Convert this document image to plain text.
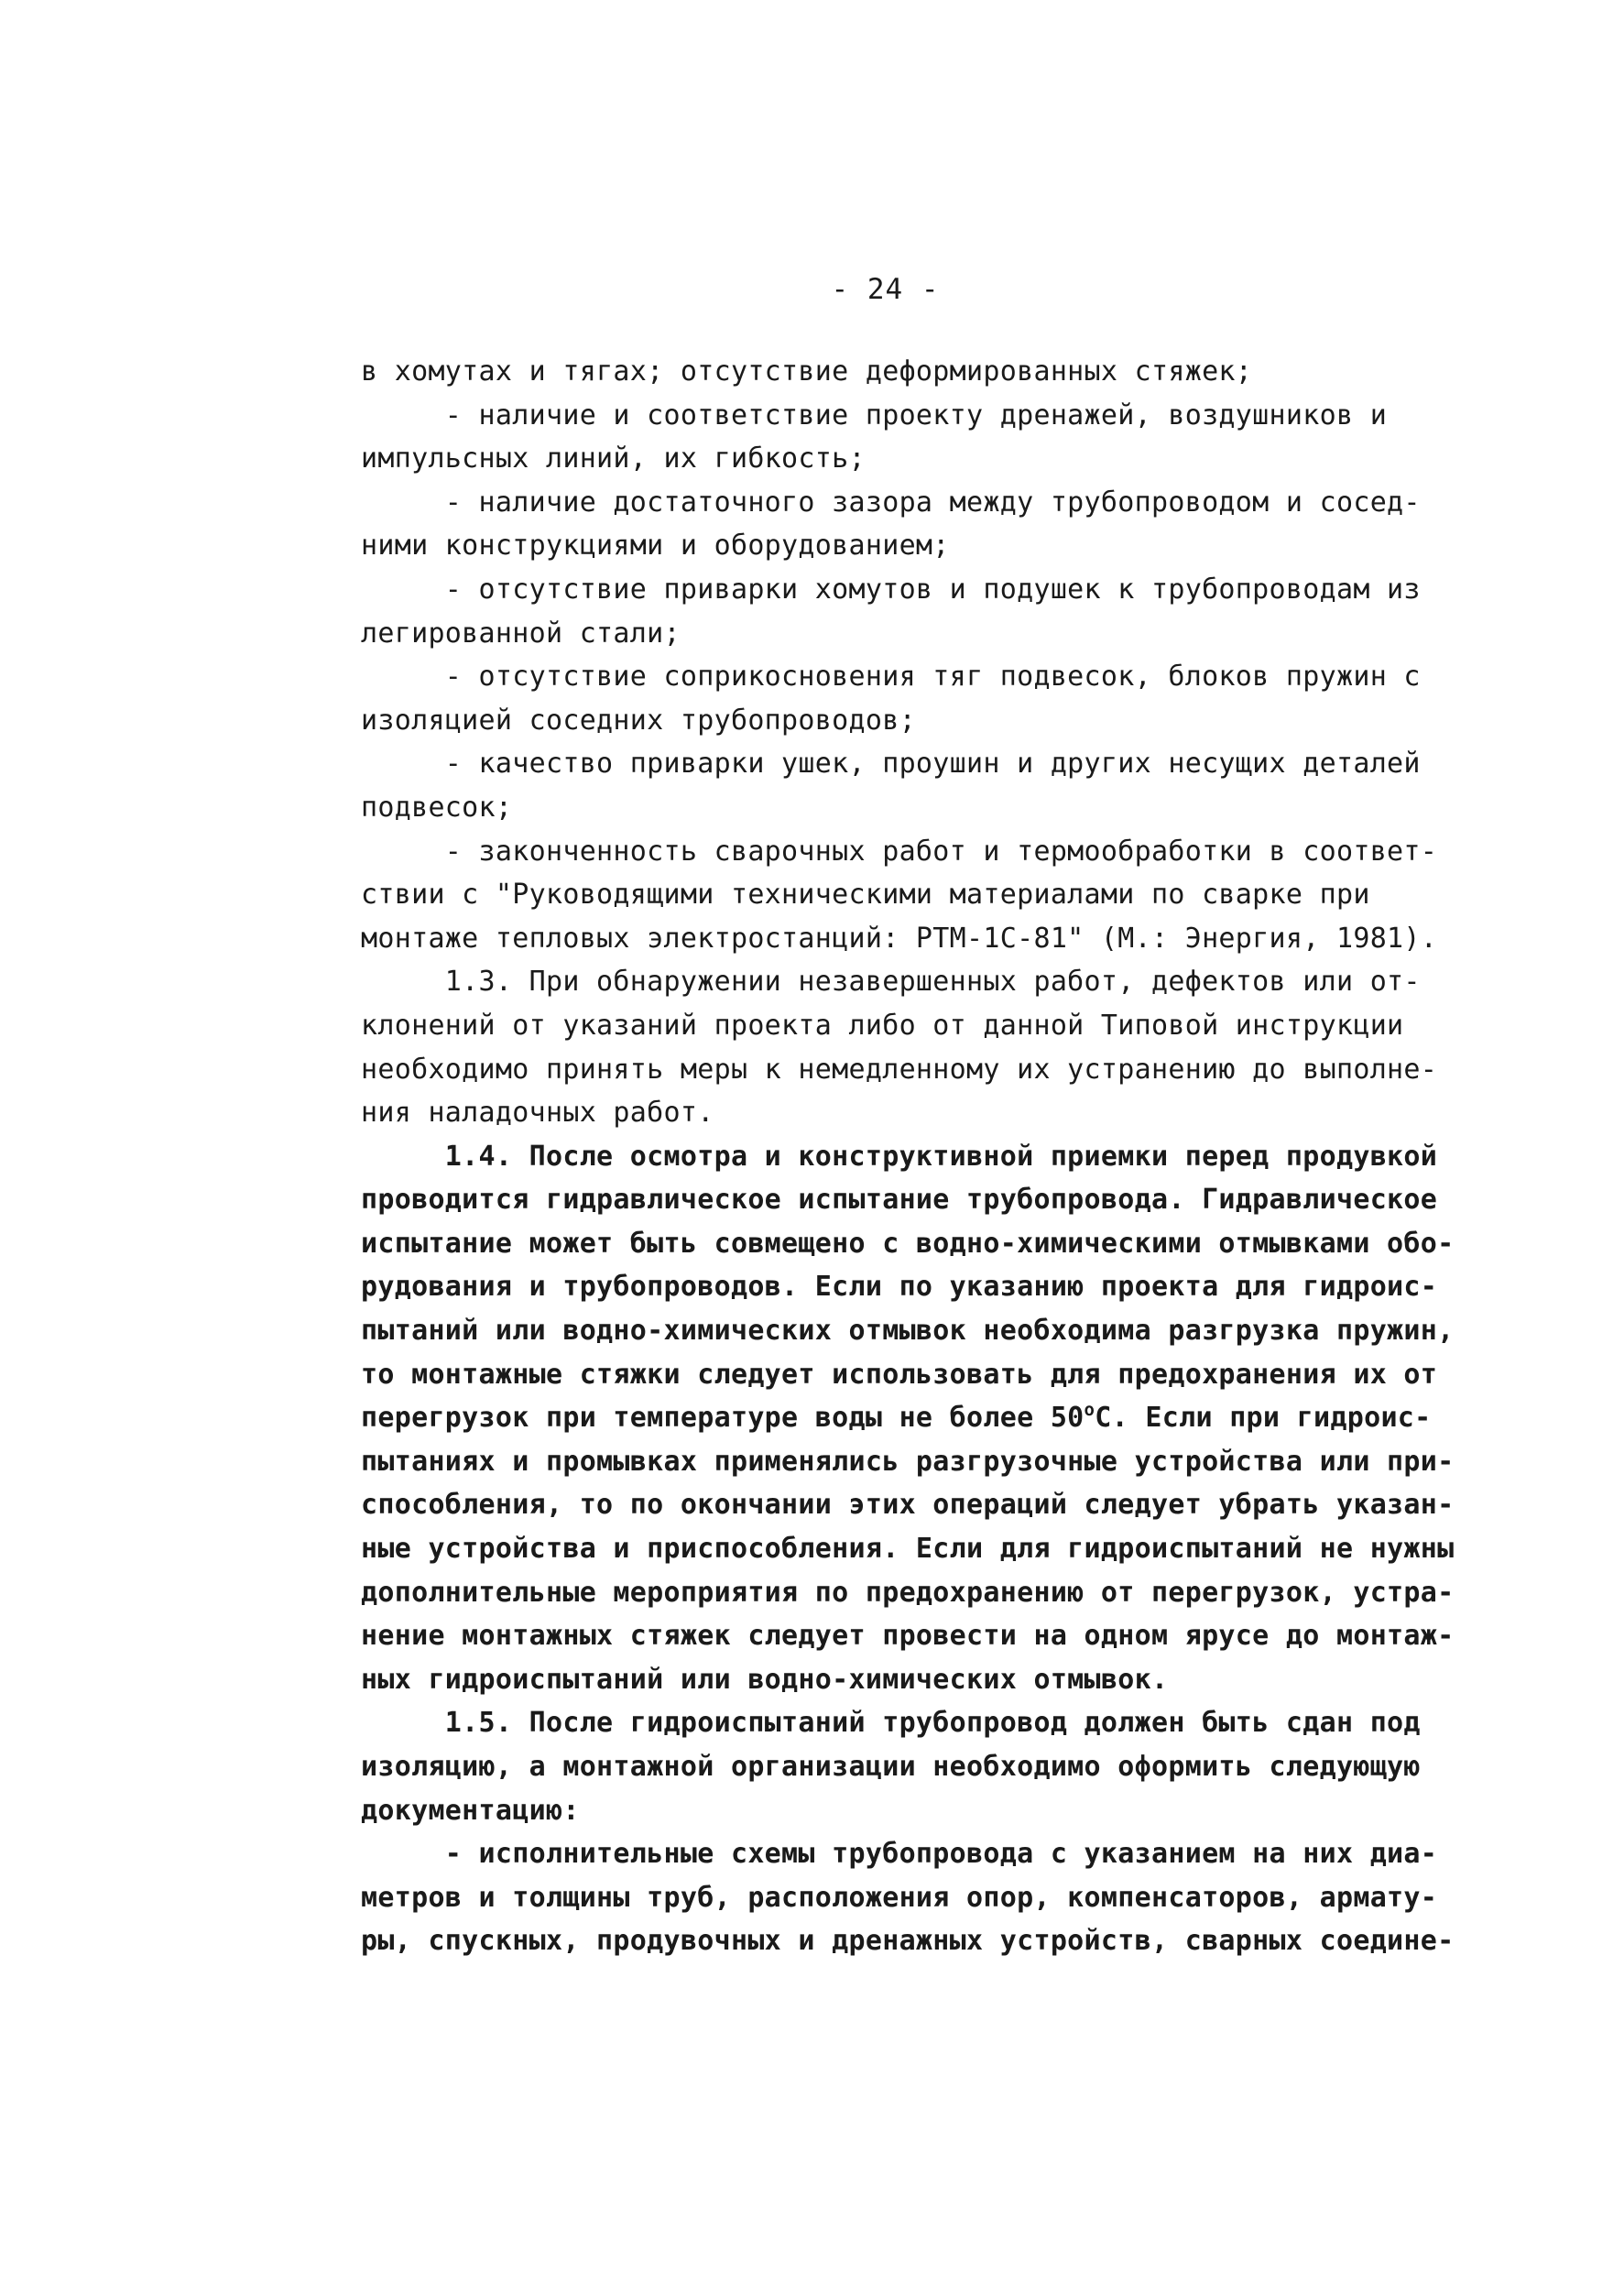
- 24 -
в хомутах и тягах; отсутствие деформированных стяжек;
- наличие и соответствие проекту дренажей, воздушников и
импульсных линий, их гибкость;
- наличие достаточного зазора между трубопроводом и сосед-
ними конструкциями и оборудованием;
- отсутствие приварки хомутов и подушек к трубопроводам из
легированной стали;
- отсутствие соприкосновения тяг подвесок, блоков пружин с
изоляцией соседних трубопроводов;
- качество приварки ушек, проушин и других несущих деталей
подвесок;
- законченность сварочных работ и термообработки в соответ-
ствии с "Руководящими техническими материалами по сварке при
монтаже тепловых электростанций: РТМ-1С-81" (М.: Энергия, 1981).
1.3. При обнаружении незавершенных работ, дефектов или от-
клонений от указаний проекта либо от данной Типовой инструкции
необходимо принять меры к немедленному их устранению до выполне-
ния наладочных работ.
1.4. После осмотра и конструктивной приемки перед продувкой
проводится гидравлическое испытание трубопровода. Гидравлическое
испытание может быть совмещено с водно-химическими отмывками обо-
рудования и трубопроводов. Если по указанию проекта для гидроис-
пытаний или водно-химических отмывок необходима разгрузка пружин,
то монтажные стяжки следует использовать для предохранения их от
перегрузок при температуре воды не более $50^оС$. Если при гидроис-
пытаниях и промывках применялись разгрузочные устройства или при-
способления, то по окончании этих операций следует убрать указан-
ные устройства и приспособления. Если для гидроиспытаний не нужны
дополнительные мероприятия по предохранению от перегрузок, устра-
нение монтажных стяжек следует провести на одном ярусе до монтаж-
ных гидроиспытаний или водно-химических отмывок.
1.5. После гидроиспытаний трубопровод должен быть сдан под
изоляцию, а монтажной организации необходимо оформить следующую
документацию:
- исполнительные схемы трубопровода с указанием на них диа-
метров и толщины труб, расположения опор, компенсаторов, армату-
ры, спускных, продувочных и дренажных устройств, сварных соедине-
